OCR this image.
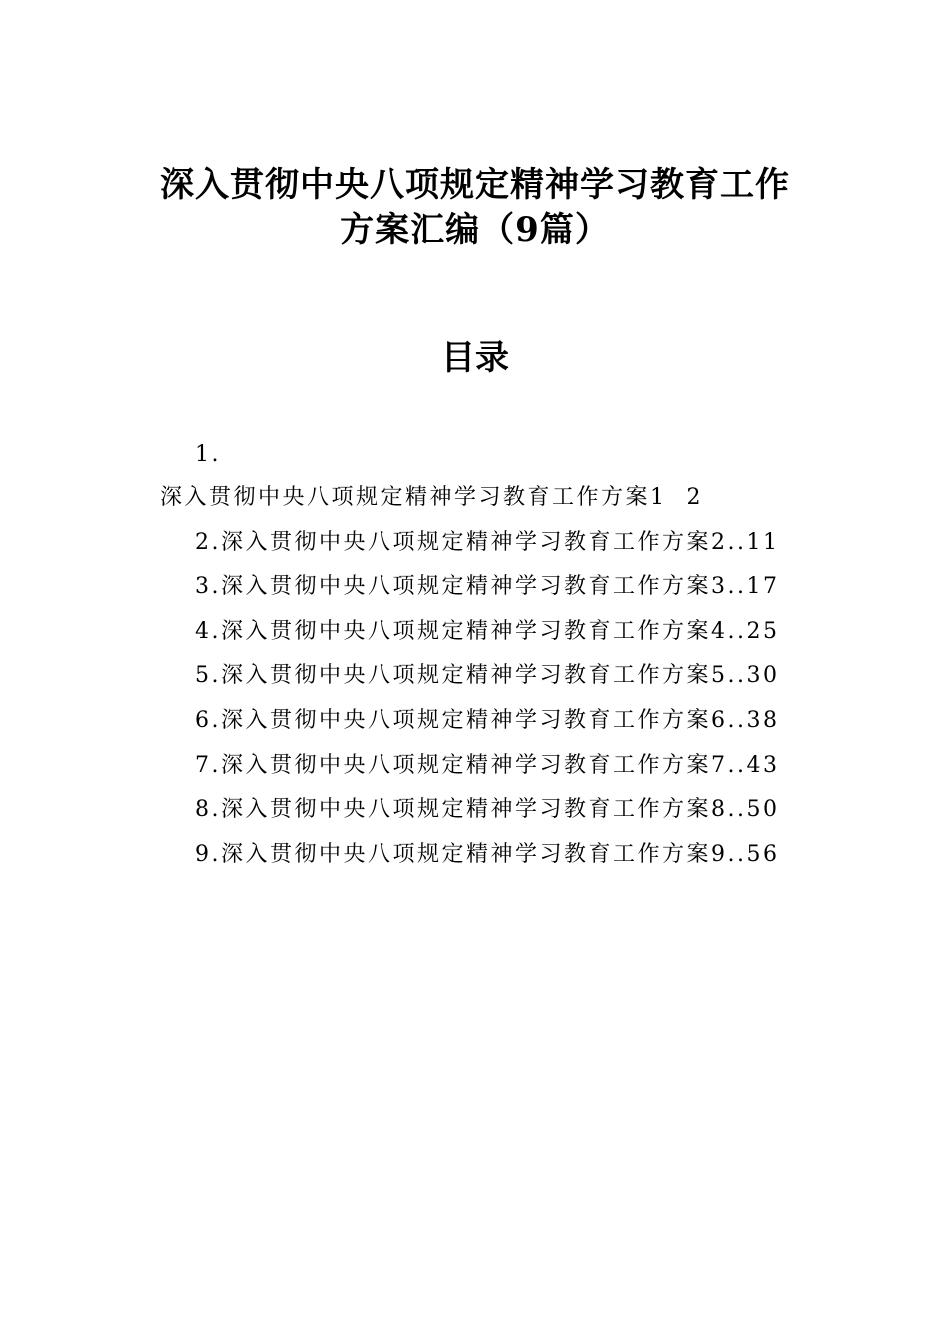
深入贯彻中央八项规定精神学习教育工作
方案汇编（9篇）
目录
1.
深入贯彻中央八项规定精神学习教育工作方案1 2
2.深入贯彻中央八项规定精神学习教育工作方案2..11
3.深入贯彻中央八项规定精神学习教育工作方案3..17
4.深入贯彻中央八项规定精神学习教育工作方案4..25
5.深入贯彻中央八项规定精神学习教育工作方案5..30
6.深入贯彻中央八项规定精神学习教育工作方案6..38
7.深入贯彻中央八项规定精神学习教育工作方案7..43
8.深入贯彻中央八项规定精神学习教育工作方案8..50
9.深入贯彻中央八项规定精神学习教育工作方案9..56
